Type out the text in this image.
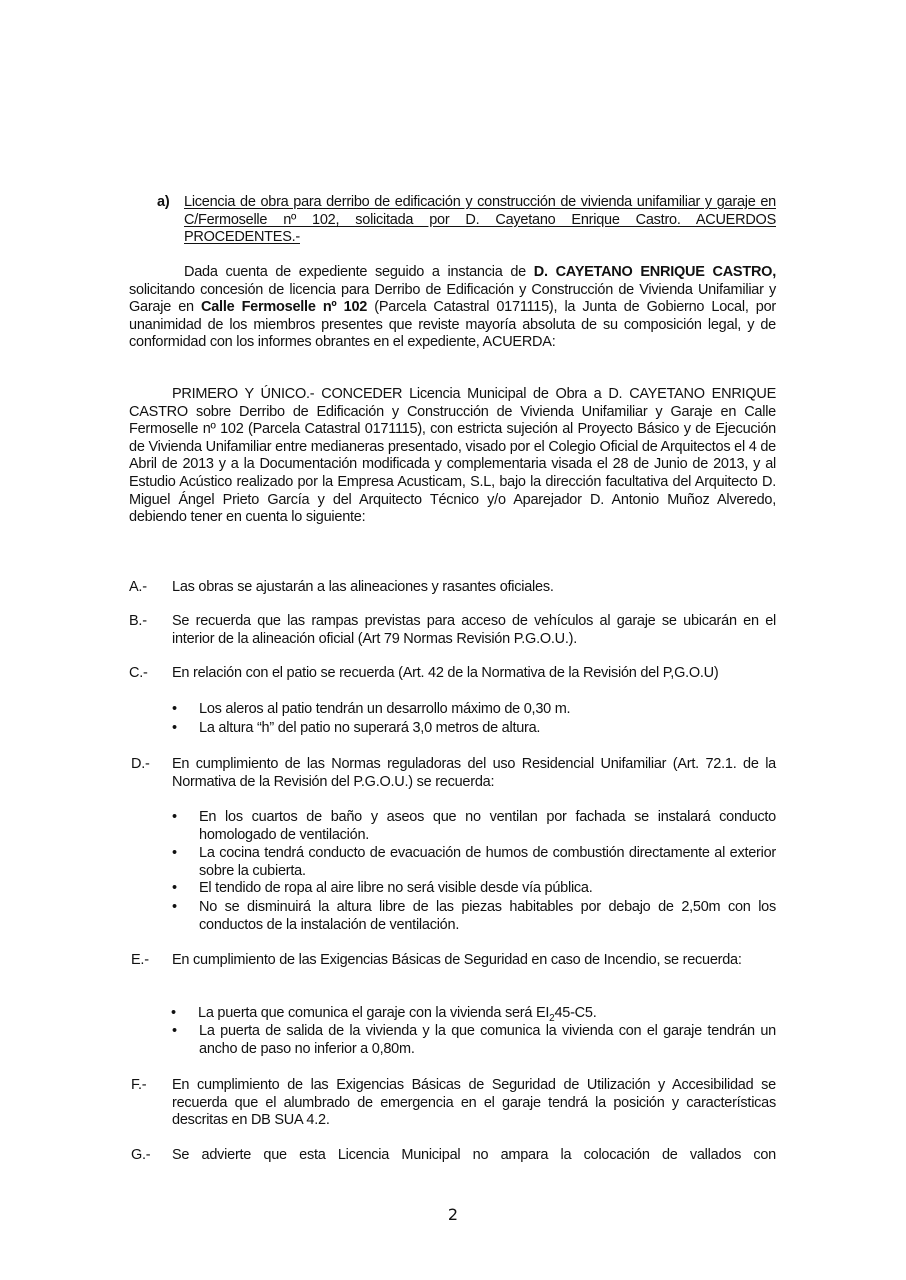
a) Licencia de obra para derribo de edificación y construcción de vivienda unifamiliar y garaje en C/Fermoselle nº 102, solicitada por D. Cayetano Enrique Castro. ACUERDOS PROCEDENTES.-
Dada cuenta de expediente seguido a instancia de D. CAYETANO ENRIQUE CASTRO, solicitando concesión de licencia para Derribo de Edificación y Construcción de Vivienda Unifamiliar y Garaje en Calle Fermoselle nº 102 (Parcela Catastral 0171115), la Junta de Gobierno Local, por unanimidad de los miembros presentes que reviste mayoría absoluta de su composición legal, y de conformidad con los informes obrantes en el expediente, ACUERDA:
PRIMERO Y ÚNICO.- CONCEDER Licencia Municipal de Obra a D. CAYETANO ENRIQUE CASTRO sobre Derribo de Edificación y Construcción de Vivienda Unifamiliar y Garaje en Calle Fermoselle nº 102 (Parcela Catastral 0171115), con estricta sujeción al Proyecto Básico y de Ejecución de Vivienda Unifamiliar entre medianeras presentado, visado por el Colegio Oficial de Arquitectos el 4 de Abril de 2013 y a la Documentación modificada y complementaria visada el 28 de Junio de 2013, y al Estudio Acústico realizado por la Empresa Acusticam, S.L, bajo la dirección facultativa del Arquitecto D. Miguel Ángel Prieto García y del Arquitecto Técnico y/o Aparejador D. Antonio Muñoz Alveredo, debiendo tener en cuenta lo siguiente:
A.- Las obras se ajustarán a las alineaciones y rasantes oficiales.
B.- Se recuerda que las rampas previstas para acceso de vehículos al garaje se ubicarán en el interior de la alineación oficial (Art 79 Normas Revisión P.G.O.U.).
C.- En relación con el patio se recuerda (Art. 42 de la Normativa de la Revisión del P,G.O.U)
• Los aleros al patio tendrán un desarrollo máximo de 0,30 m.
• La altura “h” del patio no superará 3,0 metros de altura.
D.- En cumplimiento de las Normas reguladoras del uso Residencial Unifamiliar (Art. 72.1. de la Normativa de la Revisión del P.G.O.U.) se recuerda:
• En los cuartos de baño y aseos que no ventilan por fachada se instalará conducto homologado de ventilación.
• La cocina tendrá conducto de evacuación de humos de combustión directamente al exterior sobre la cubierta.
• El tendido de ropa al aire libre no será visible desde vía pública.
• No se disminuirá la altura libre de las piezas habitables por debajo de 2,50m con los conductos de la instalación de ventilación.
E.- En cumplimiento de las Exigencias Básicas de Seguridad en caso de Incendio, se recuerda:
• La puerta que comunica el garaje con la vivienda será $EI_245-C5$.
• La puerta de salida de la vivienda y la que comunica la vivienda con el garaje tendrán un ancho de paso no inferior a 0,80m.
F.- En cumplimiento de las Exigencias Básicas de Seguridad de Utilización y Accesibilidad se recuerda que el alumbrado de emergencia en el garaje tendrá la posición y características descritas en DB SUA 4.2.
G.- Se advierte que esta Licencia Municipal no ampara la colocación de vallados con
2
